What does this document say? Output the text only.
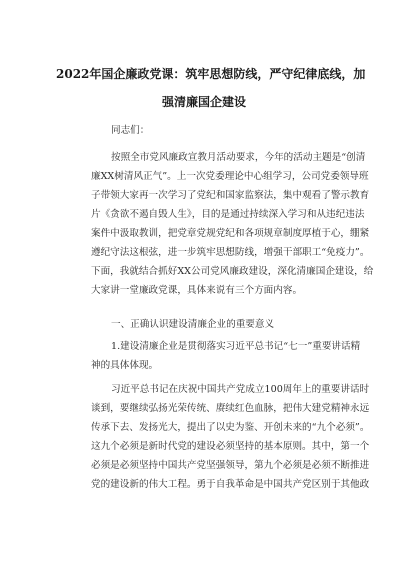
2022年国企廉政党课：筑牢思想防线，严守纪律底线，加
强清廉国企建设
同志们：
按照全市党风廉政宣教月活动要求，今年的活动主题是“创清
廉XX树清风正气”。上一次党委理论中心组学习，公司党委领导班
子带领大家再一次学习了党纪和国家监察法，集中观看了警示教育
片《贪欲不遏自毁人生》，目的是通过持续深入学习和从违纪违法
案件中汲取教训，把党章党规党纪和各项规章制度厚植于心，绷紧
遵纪守法这根弦，进一步筑牢思想防线，增强干部职工“免疫力”。
下面，我就结合抓好XX公司党风廉政建设，深化清廉国企建设，给
大家讲一堂廉政党课，具体来说有三个方面内容。
一、正确认识建设清廉企业的重要意义
1.建设清廉企业是贯彻落实习近平总书记“七一”重要讲话精
神的具体体现。
习近平总书记在庆祝中国共产党成立100周年上的重要讲话时
谈到，要继续弘扬光荣传统、赓续红色血脉，把伟大建党精神永远
传承下去、发扬光大，提出了以史为鉴、开创未来的“九个必须”。
这九个必须是新时代党的建设必须坚持的基本原则。其中，第一个
必须是必须坚持中国共产党坚强领导，第九个必须是必须不断推进
党的建设新的伟大工程。勇于自我革命是中国共产党区别于其他政
